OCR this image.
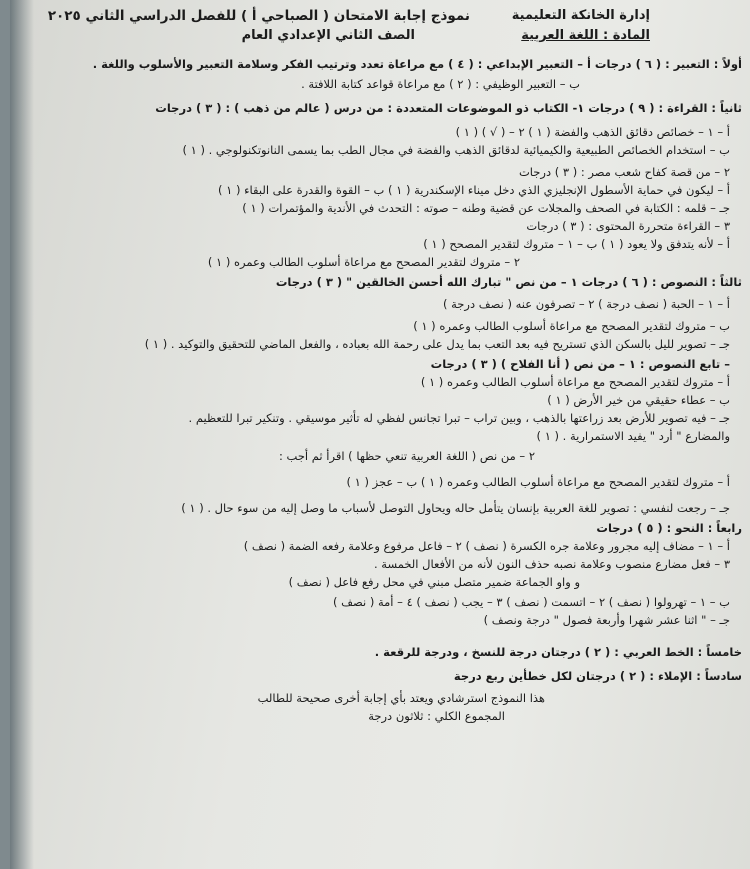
إدارة الخانكة التعليمية
نموذج إجابة الامتحان ( الصباحي أ ) للفصل الدراسي الثاني ٢٠٢٥
المادة : اللغة العربية
الصف الثاني الإعدادي العام
أولاً : التعبير : ( ٦ ) درجات أ – التعبير الإبداعي : ( ٤ ) مع مراعاة تعدد وترتيب الفكر وسلامة التعبير والأسلوب واللغة .
ب – التعبير الوظيفي : ( ٢ ) مع مراعاة قواعد كتابة اللافتة .
ثانياً : القراءة : ( ٩ ) درجات ١- الكتاب ذو الموضوعات المتعددة : من درس ( عالم من ذهب ) : ( ٣ ) درجات
أ – ١ – خصائص دقائق الذهب والفضة ( ١ ) ٢ – ( √ ) ( ١ )
ب – استخدام الخصائص الطبيعية والكيميائية لدقائق الذهب والفضة في مجال الطب بما يسمى النانوتكنولوجي . ( ١ )
٢ – من قصة كفاح شعب مصر : ( ٣ ) درجات
أ – ليكون في حماية الأسطول الإنجليزي الذي دخل ميناء الإسكندرية ( ١ ) ب – القوة والقدرة على البقاء ( ١ )
جـ – قلمه : الكتابة في الصحف والمجلات عن قضية وطنه – صوته : التحدث في الأندية والمؤتمرات ( ١ )
٣ – القراءة متحررة المحتوى : ( ٣ ) درجات
أ – لأنه يتدفق ولا يعود ( ١ ) ب – ١ – متروك لتقدير المصحح ( ١ )
٢ – متروك لتقدير المصحح مع مراعاة أسلوب الطالب وعمره ( ١ )
ثالثاً : النصوص : ( ٦ ) درجات ١ – من نص " تبارك الله أحسن الخالقين " ( ٣ ) درجات
أ – ١ – الحبة ( نصف درجة ) ٢ – تصرفون عنه ( نصف درجة )
ب – متروك لتقدير المصحح مع مراعاة أسلوب الطالب وعمره ( ١ )
جـ – تصوير لليل بالسكن الذي تستريح فيه بعد التعب بما يدل على رحمة الله بعباده ، والفعل الماضي للتحقيق والتوكيد . ( ١ )
– تابع النصوص : ١ – من نص ( أنا الفلاح ) ( ٣ ) درجات
أ – متروك لتقدير المصحح مع مراعاة أسلوب الطالب وعمره ( ١ )
ب – عطاء حقيقي من خير الأرض ( ١ )
جـ – فيه تصوير للأرض بعد زراعتها بالذهب ، وبين تراب – تبرا تجانس لفظي له تأثير موسيقي . وتنكير تبرا للتعظيم .
والمضارع " أرد " يفيد الاستمرارية . ( ١ )
٢ – من نص ( اللغة العربية تنعي حظها ) اقرأ ثم أجب :
أ – متروك لتقدير المصحح مع مراعاة أسلوب الطالب وعمره ( ١ ) ب – عجز ( ١ )
جـ – رجعت لنفسي : تصوير للغة العربية بإنسان يتأمل حاله ويحاول التوصل لأسباب ما وصل إليه من سوء حال . ( ١ )
رابعاً : النحو : ( ٥ ) درجات
أ – ١ – مضاف إليه مجرور وعلامة جره الكسرة ( نصف ) ٢ – فاعل مرفوع وعلامة رفعه الضمة ( نصف )
٣ – فعل مضارع منصوب وعلامة نصبه حذف النون لأنه من الأفعال الخمسة .
و واو الجماعة ضمير متصل مبني في محل رفع فاعل ( نصف )
ب – ١ – تهرولوا ( نصف ) ٢ – اتسمت ( نصف ) ٣ – يجب ( نصف ) ٤ – أمة ( نصف )
جـ – " اثنا عشر شهرا وأربعة فصول " درجة ونصف )
خامساً : الخط العربي : ( ٢ ) درجتان درجة للنسخ ، ودرجة للرقعة .
سادساً : الإملاء : ( ٢ ) درجتان لكل خطأين ربع درجة
هذا النموذج استرشادي ويعتد بأي إجابة أخرى صحيحة للطالب
المجموع الكلي : ثلاثون درجة
